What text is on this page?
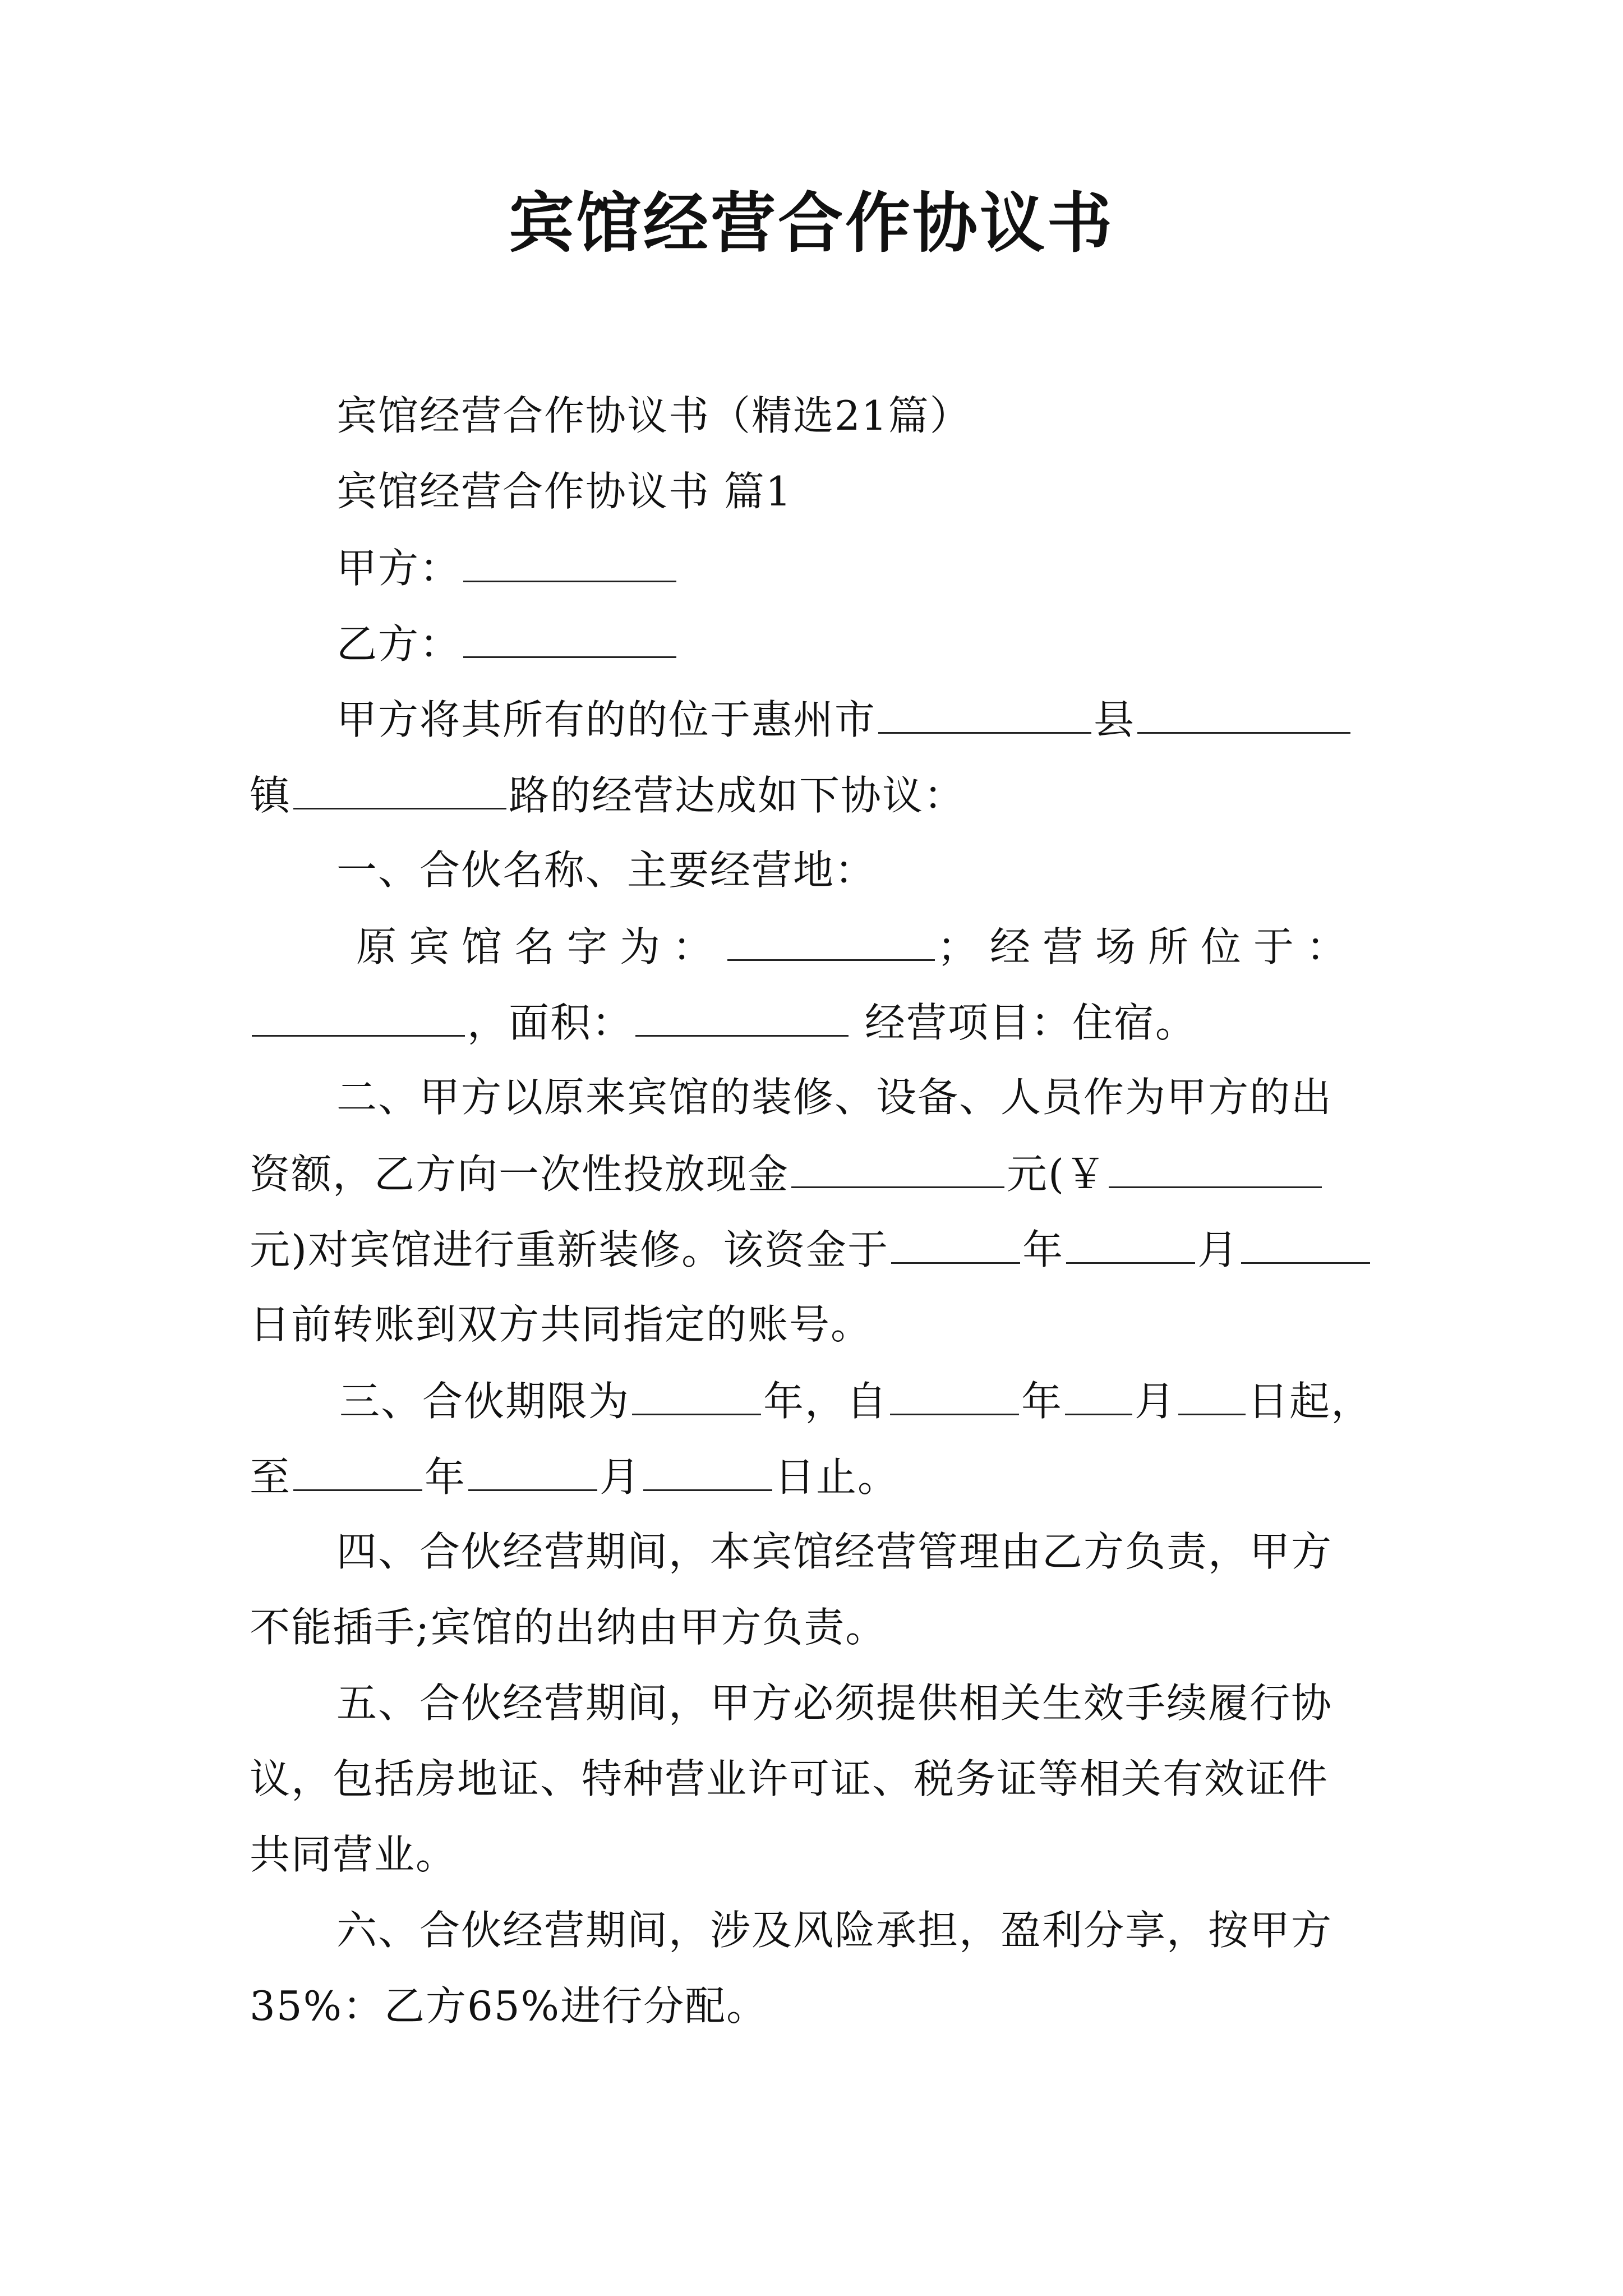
宾馆经营合作协议书
宾馆经营合作协议书（精选21篇）
宾馆经营合作协议书 篇1
甲方：
乙方：
甲方将其所有的的位于惠州市	县
镇	路的经营达成如下协议：
一、合伙名称、主要经营地：
原宾馆名字为：	；经营场所位于：
，面积：	经营项目：住宿。
二、甲方以原来宾馆的装修、设备、人员作为甲方的出
资额，乙方向一次性投放现金	元(￥
元)对宾馆进行重新装修。该资金于	年	月
日前转账到双方共同指定的账号。
三、合伙期限为	年，自	年 月 日起，
至	年	月	日止。
四、合伙经营期间，本宾馆经营管理由乙方负责，甲方
不能插手;宾馆的出纳由甲方负责。
五、合伙经营期间，甲方必须提供相关生效手续履行协
议，包括房地证、特种营业许可证、税务证等相关有效证件
共同营业。
六、合伙经营期间，涉及风险承担，盈利分享，按甲方
35%：乙方65%进行分配。
